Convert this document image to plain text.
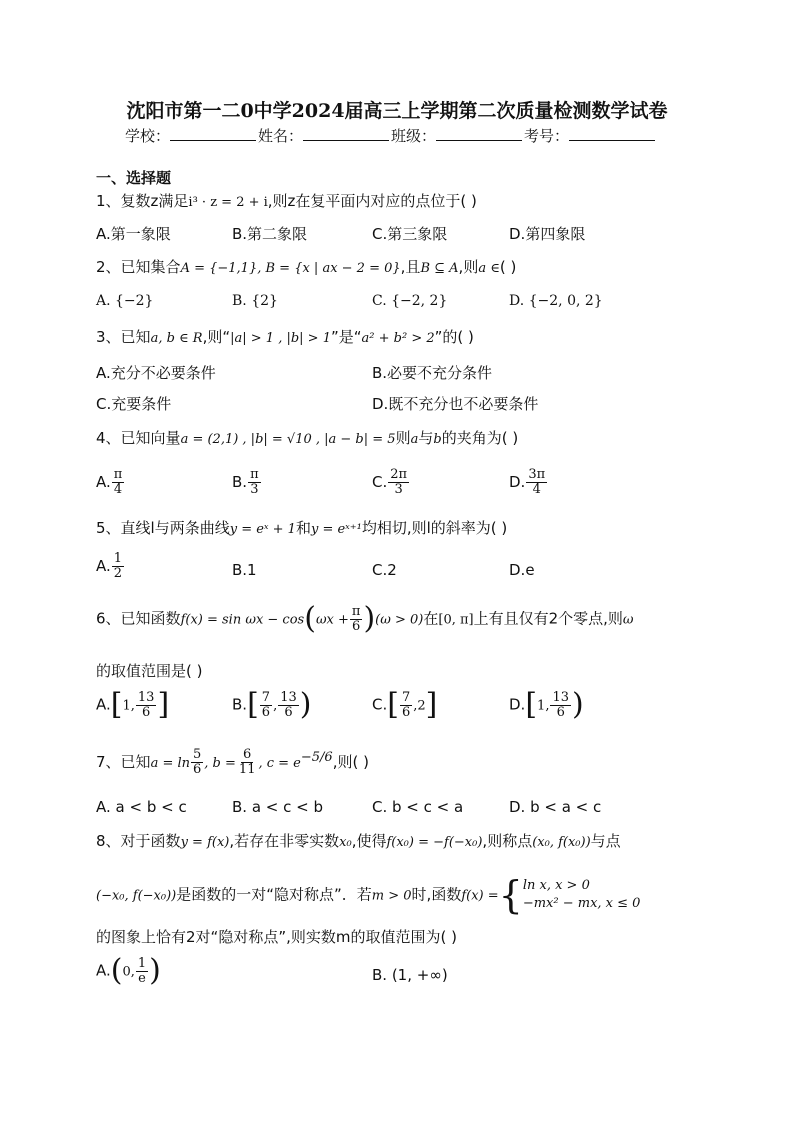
沈阳市第一二0中学2024届高三上学期第二次质量检测数学试卷
学校：	姓名：	班级：	考号：
一、选择题
1、复数z满足i³ · z = 2 + i,则z在复平面内对应的点位于( )
A.第一象限	B.第二象限	C.第三象限	D.第四象限
2、已知集合A = {−1,1}, B = {x | ax − 2 = 0},且B ⊆ A,则a ∈( )
A. {−2}	B. {2}	C. {−2, 2}	D. {−2, 0, 2}
3、已知a, b ∈ R,则“|a| > 1 , |b| > 1”是“a² + b² > 2”的( )
A.充分不必要条件	B.必要不充分条件
C.充要条件	D.既不充分也不必要条件
4、已知向量a = (2,1) , |b| = √10 , |a − b| = 5则a与b的夹角为( )
A. $\frac{\pi}{4}$	B. $\frac{\pi}{3}$	C. $\frac{2\pi}{3}$	D. $\frac{3\pi}{4}$
5、直线l与两条曲线y = eˣ + 1和y = eˣ⁺¹均相切,则l的斜率为( )
A. $\frac{1}{2}$	B.1	C.2	D.e
6、已知函数$f(x) = \sin \omega x - \cos(\omega x + \frac{\pi}{6} )(\omega > 0)$在[0, π]上有且仅有2个零点,则ω
的取值范围是( )
A.[1, $\frac{13}{6}$ ]	$B.[ \frac{7}{6}$ , $\frac{13}{6}$ )	$C.[ \frac{7}{6} ,2]$	D.[1, $\frac{13}{6}$ )
7、已知$a = \ln \frac{5}{6}$ , $b = \frac{6}{11}$ , $c = e^{-5/6}$,则( )
A. a < b < c	B. a < c < b	C. b < c < a	D. b < a < c
8、对于函数y = f(x),若存在非零实数x₀,使得f(x₀) = −f(−x₀),则称点(x₀, f(x₀))与点
(−x₀, f(−x₀))是函数的一对“隐对称点”．若m > 0时,函数f(x) ={ ln x, x > 0
−mx² − mx, x ≤ 0
的图象上恰有2对“隐对称点”,则实数m的取值范围为( )
A.(0, $\frac{1}{e}$ )	B. (1, +∞)
